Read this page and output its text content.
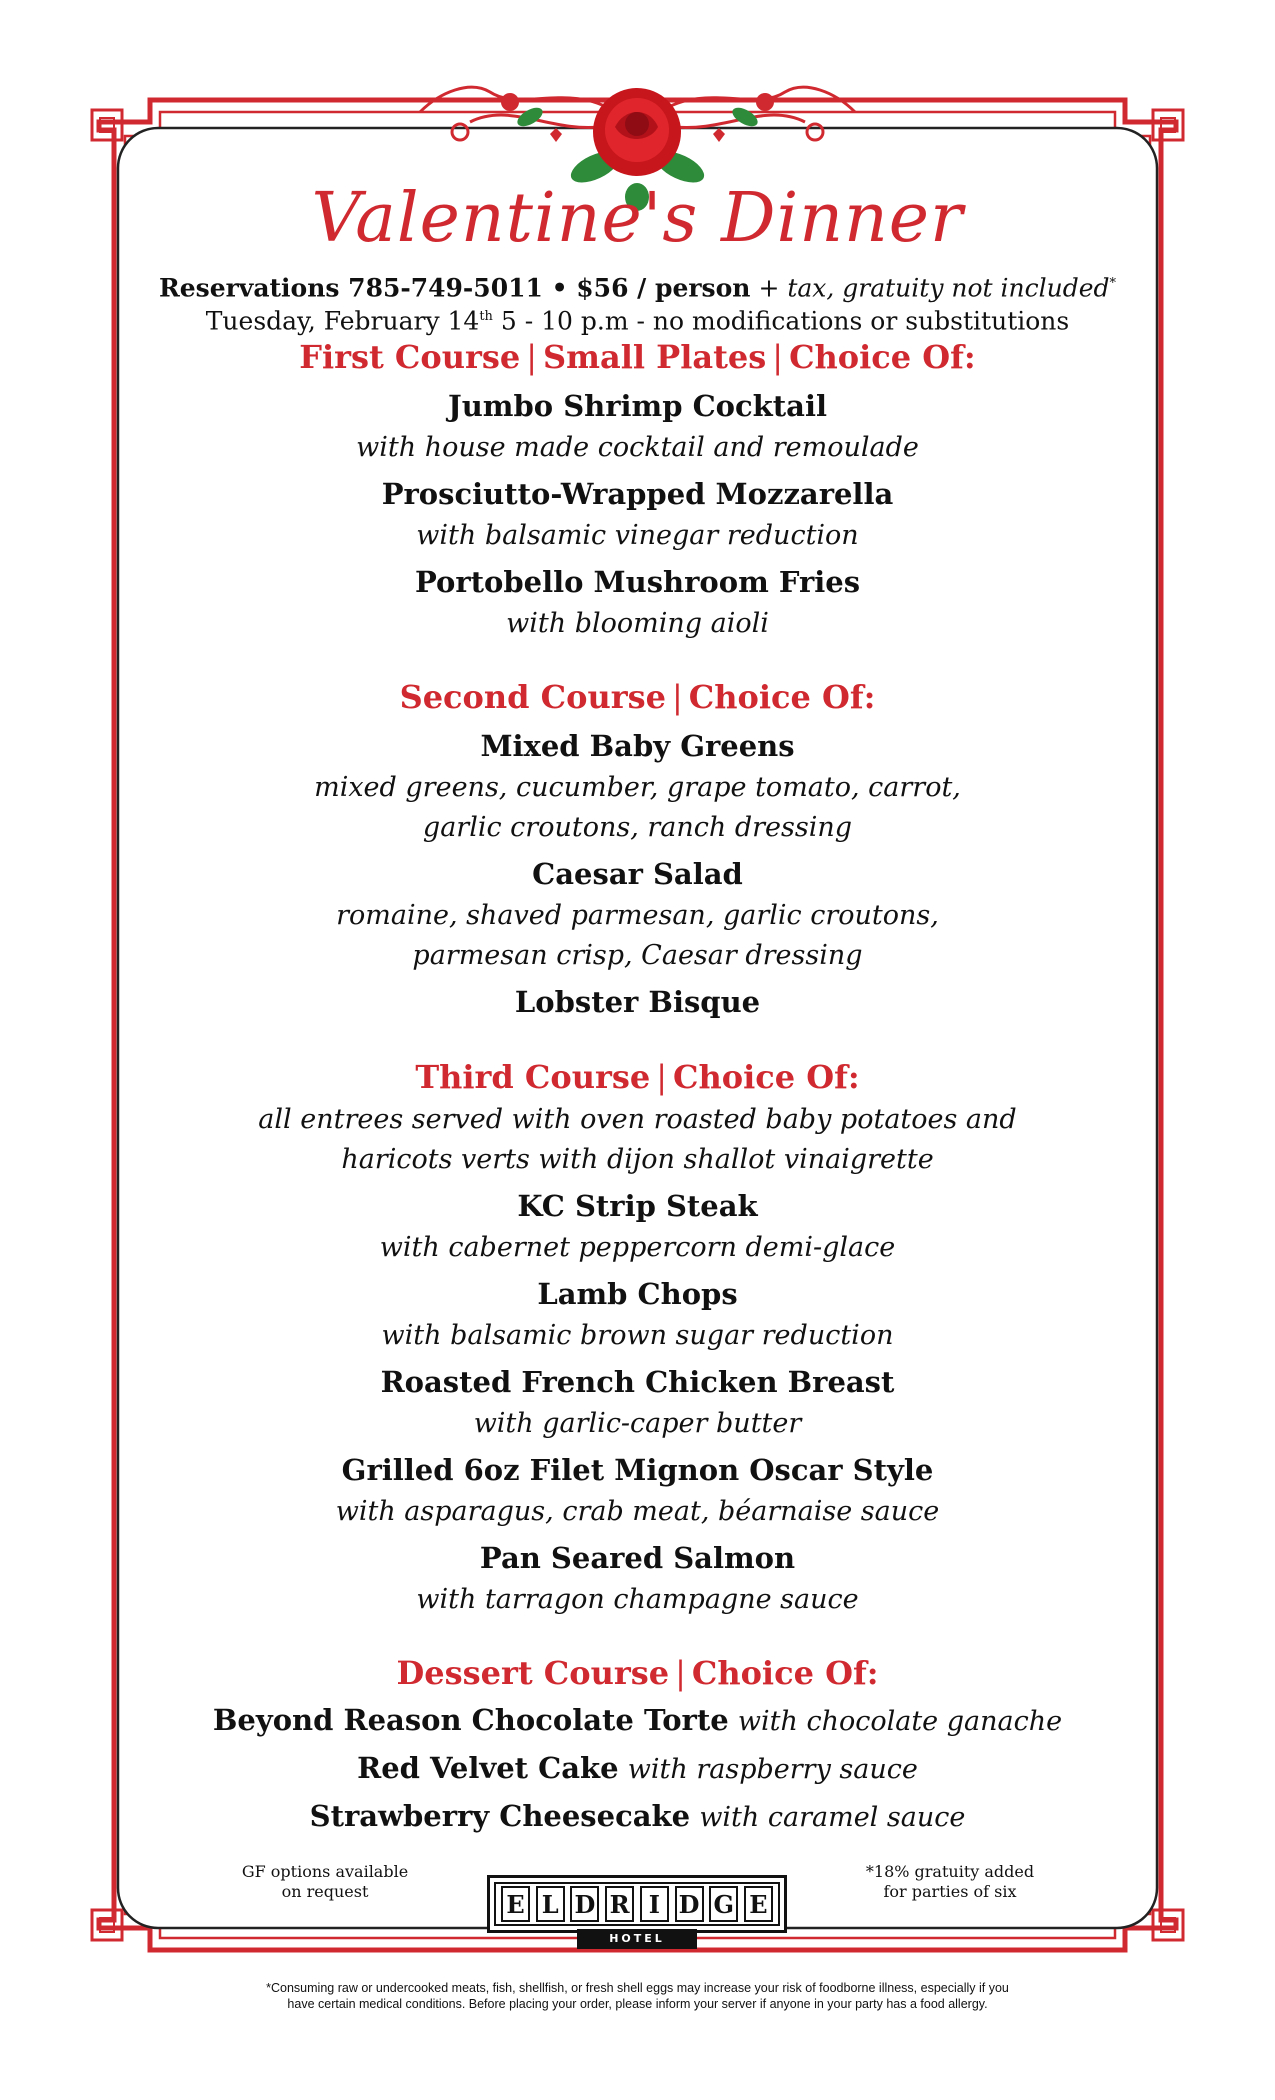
Valentine's Dinner
Reservations 785-749-5011 • $56 / person + tax, gratuity not included*
Tuesday, February 14th 5 - 10 p.m - no modifications or substitutions
First Course | Small Plates | Choice Of:
Jumbo Shrimp Cocktail
with house made cocktail and remoulade
Prosciutto-Wrapped Mozzarella
with balsamic vinegar reduction
Portobello Mushroom Fries
with blooming aioli
Second Course | Choice Of:
Mixed Baby Greens
mixed greens, cucumber, grape tomato, carrot,
garlic croutons, ranch dressing
Caesar Salad
romaine, shaved parmesan, garlic croutons,
parmesan crisp, Caesar dressing
Lobster Bisque
Third Course | Choice Of:
all entrees served with oven roasted baby potatoes and
haricots verts with dijon shallot vinaigrette
KC Strip Steak
with cabernet peppercorn demi-glace
Lamb Chops
with balsamic brown sugar reduction
Roasted French Chicken Breast
with garlic-caper butter
Grilled 6oz Filet Mignon Oscar Style
with asparagus, crab meat, béarnaise sauce
Pan Seared Salmon
with tarragon champagne sauce
Dessert Course | Choice Of:
Beyond Reason Chocolate Torte with chocolate ganache
Red Velvet Cake with raspberry sauce
Strawberry Cheesecake with caramel sauce
GF options available
on request	E L D R I D G E
HOTEL
*18% gratuity added
for parties of six
*Consuming raw or undercooked meats, fish, shellfish, or fresh shell eggs may increase your risk of foodborne illness, especially if you
have certain medical conditions. Before placing your order, please inform your server if anyone in your party has a food allergy.
